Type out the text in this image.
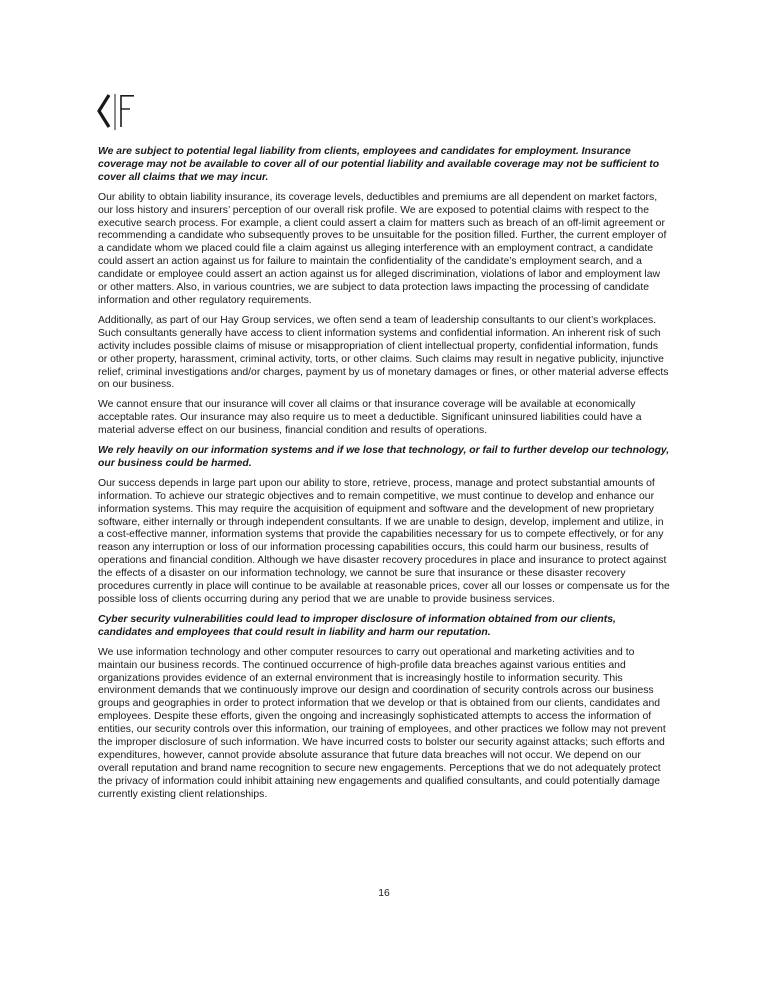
We are subject to potential legal liability from clients, employees and candidates for employment. Insurance coverage may not be available to cover all of our potential liability and available coverage may not be sufficient to cover all claims that we may incur.

Our ability to obtain liability insurance, its coverage levels, deductibles and premiums are all dependent on market factors, our loss history and insurers’ perception of our overall risk profile. We are exposed to potential claims with respect to the executive search process. For example, a client could assert a claim for matters such as breach of an off-limit agreement or recommending a candidate who subsequently proves to be unsuitable for the position filled. Further, the current employer of a candidate whom we placed could file a claim against us alleging interference with an employment contract, a candidate could assert an action against us for failure to maintain the confidentiality of the candidate’s employment search, and a candidate or employee could assert an action against us for alleged discrimination, violations of labor and employment law or other matters. Also, in various countries, we are subject to data protection laws impacting the processing of candidate information and other regulatory requirements.

Additionally, as part of our Hay Group services, we often send a team of leadership consultants to our client’s workplaces. Such consultants generally have access to client information systems and confidential information. An inherent risk of such activity includes possible claims of misuse or misappropriation of client intellectual property, confidential information, funds or other property, harassment, criminal activity, torts, or other claims. Such claims may result in negative publicity, injunctive relief, criminal investigations and/or charges, payment by us of monetary damages or fines, or other material adverse effects on our business.

We cannot ensure that our insurance will cover all claims or that insurance coverage will be available at economically acceptable rates. Our insurance may also require us to meet a deductible. Significant uninsured liabilities could have a material adverse effect on our business, financial condition and results of operations.

We rely heavily on our information systems and if we lose that technology, or fail to further develop our technology, our business could be harmed.

Our success depends in large part upon our ability to store, retrieve, process, manage and protect substantial amounts of information. To achieve our strategic objectives and to remain competitive, we must continue to develop and enhance our information systems. This may require the acquisition of equipment and software and the development of new proprietary software, either internally or through independent consultants. If we are unable to design, develop, implement and utilize, in a cost-effective manner, information systems that provide the capabilities necessary for us to compete effectively, or for any reason any interruption or loss of our information processing capabilities occurs, this could harm our business, results of operations and financial condition. Although we have disaster recovery procedures in place and insurance to protect against the effects of a disaster on our information technology, we cannot be sure that insurance or these disaster recovery procedures currently in place will continue to be available at reasonable prices, cover all our losses or compensate us for the possible loss of clients occurring during any period that we are unable to provide business services.

Cyber security vulnerabilities could lead to improper disclosure of information obtained from our clients, candidates and employees that could result in liability and harm our reputation.

We use information technology and other computer resources to carry out operational and marketing activities and to maintain our business records. The continued occurrence of high-profile data breaches against various entities and organizations provides evidence of an external environment that is increasingly hostile to information security. This environment demands that we continuously improve our design and coordination of security controls across our business groups and geographies in order to protect information that we develop or that is obtained from our clients, candidates and employees. Despite these efforts, given the ongoing and increasingly sophisticated attempts to access the information of entities, our security controls over this information, our training of employees, and other practices we follow may not prevent the improper disclosure of such information. We have incurred costs to bolster our security against attacks; such efforts and expenditures, however, cannot provide absolute assurance that future data breaches will not occur. We depend on our overall reputation and brand name recognition to secure new engagements. Perceptions that we do not adequately protect the privacy of information could inhibit attaining new engagements and qualified consultants, and could potentially damage currently existing client relationships.

16
